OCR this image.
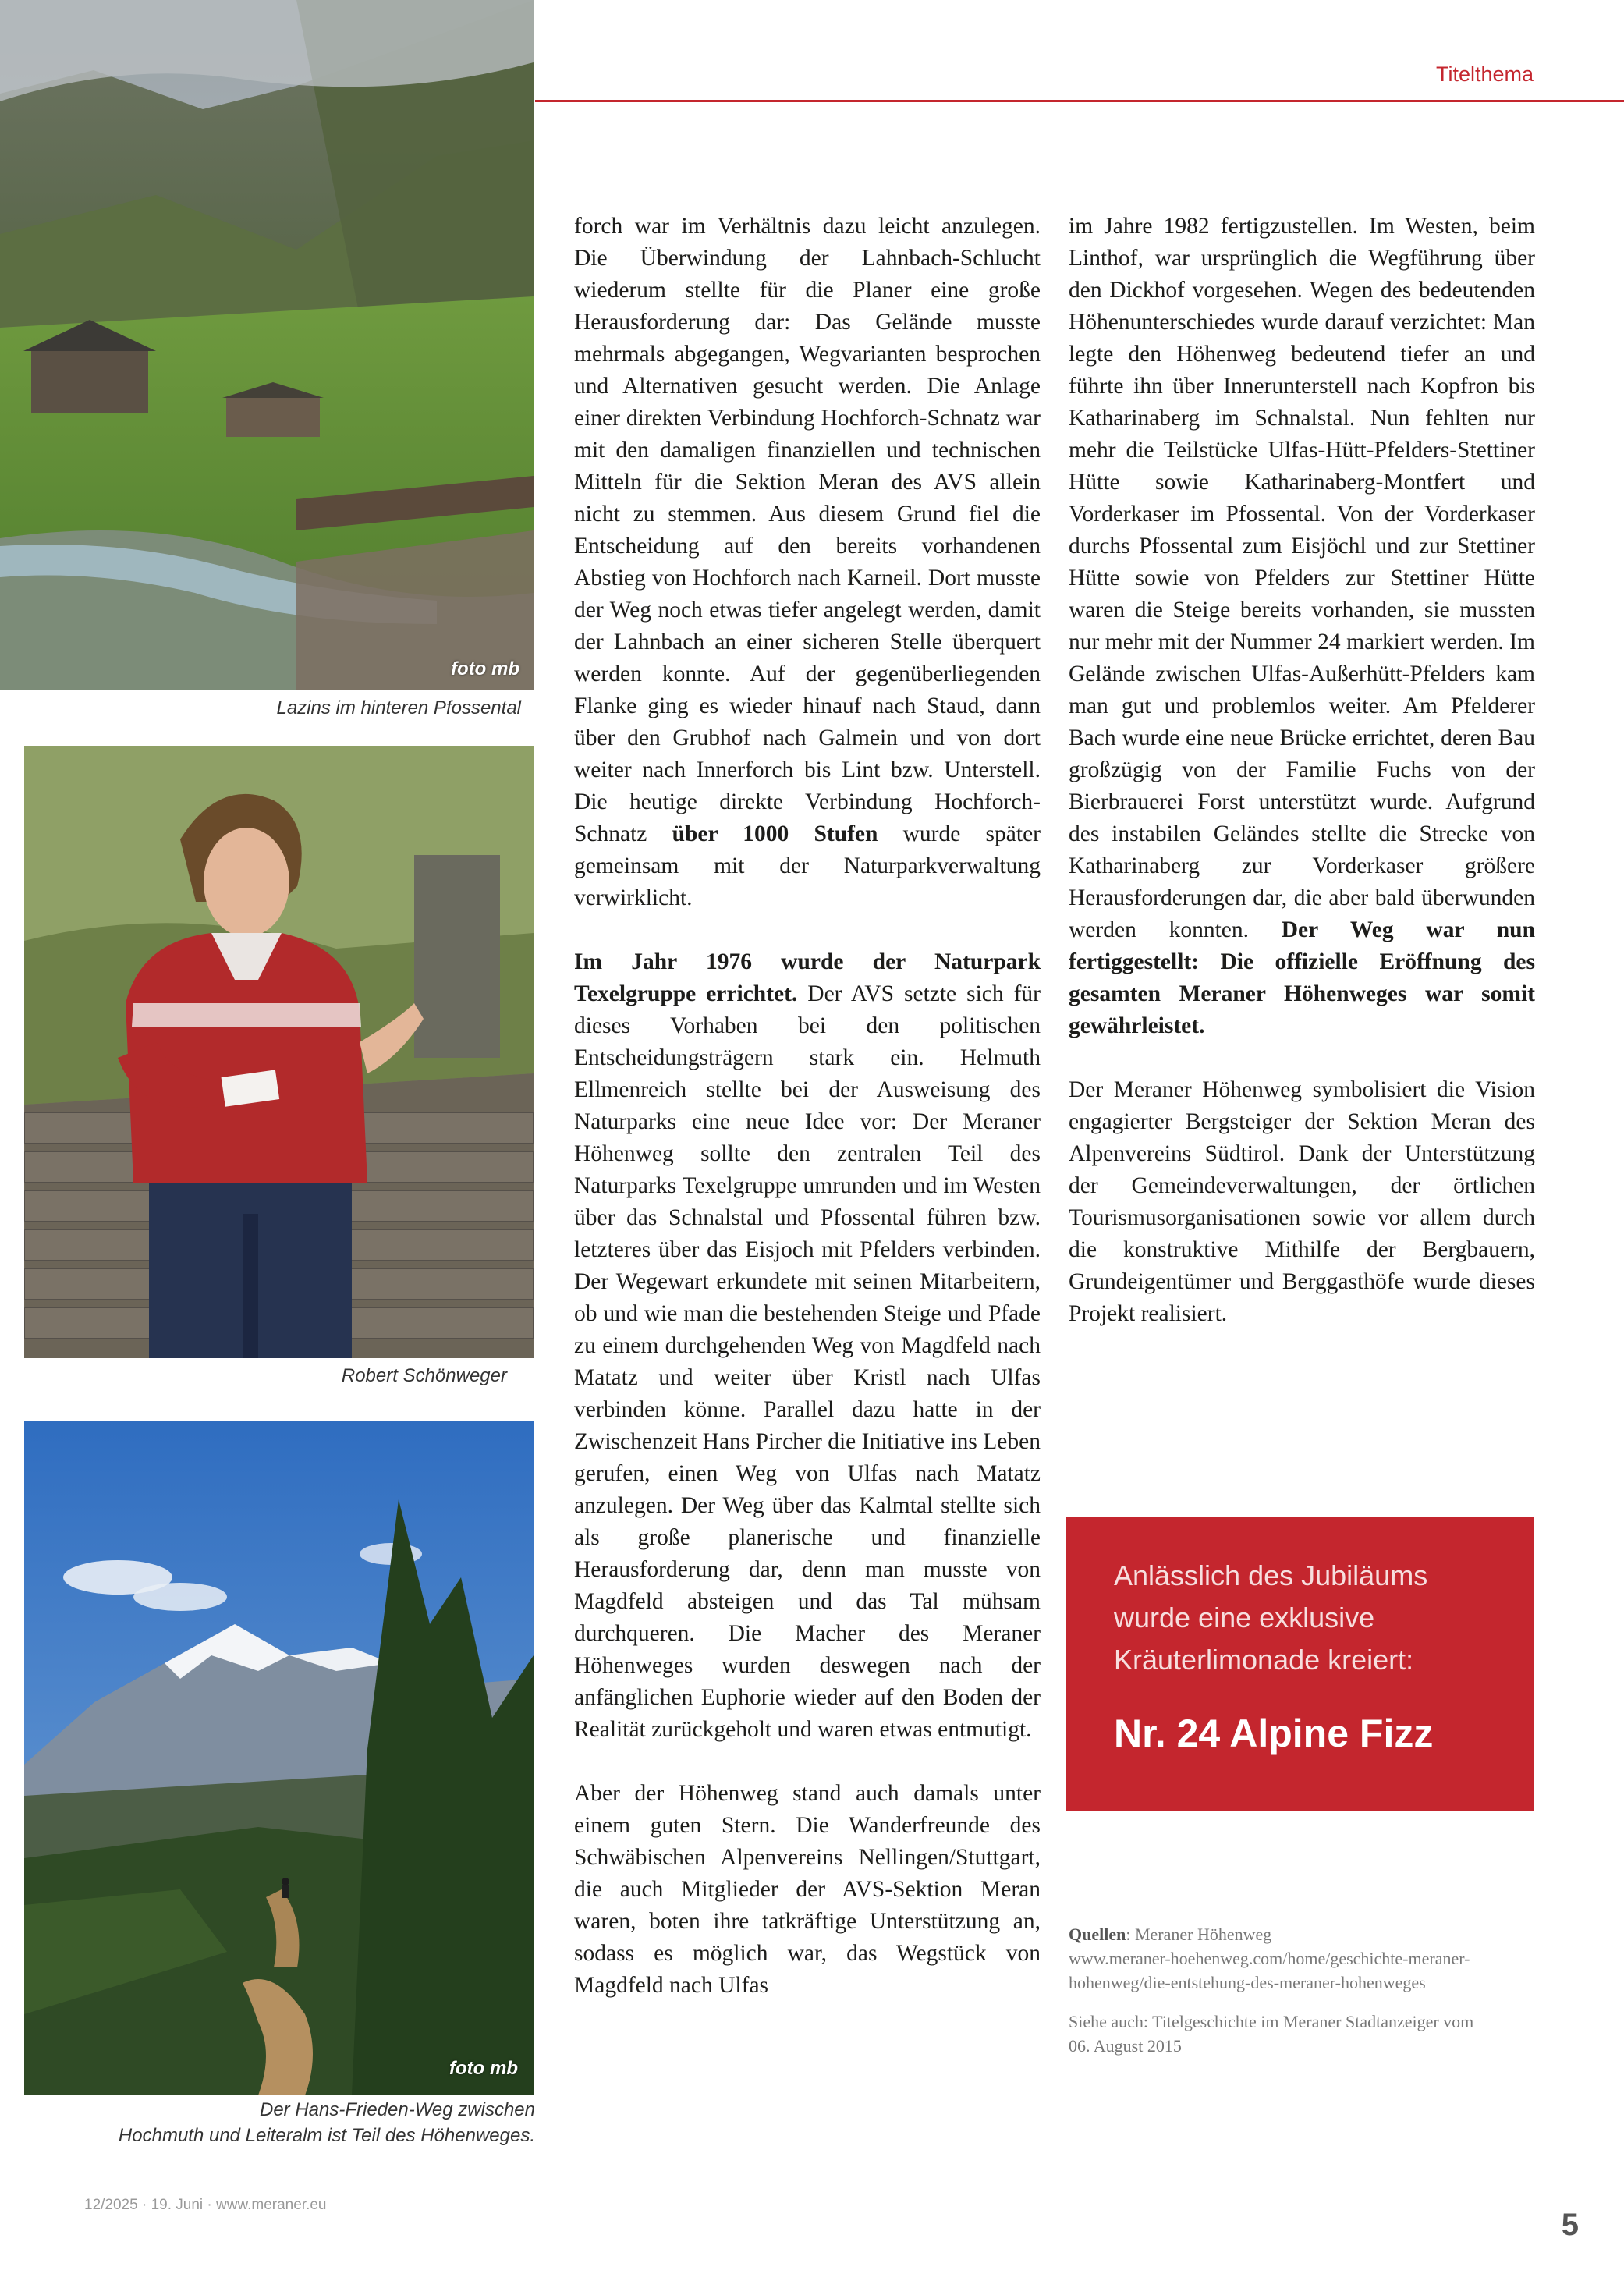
Titelthema
foto mb
Lazins im hinteren Pfossental
Robert Schönweger
foto mb
Der Hans-Frieden-Weg zwischen
Hochmuth und Leiteralm ist Teil des Höhenweges.

forch war im Verhältnis dazu leicht anzulegen. Die Überwindung der Lahnbach-Schlucht wiederum stellte für die Planer eine große Herausforderung dar: Das Gelände musste mehrmals abgegangen, Wegvarianten besprochen und Alternativen gesucht werden. Die Anlage einer direkten Verbindung Hochforch-Schnatz war mit den damaligen finanziellen und technischen Mitteln für die Sektion Meran des AVS allein nicht zu stemmen. Aus diesem Grund fiel die Entscheidung auf den bereits vorhandenen Abstieg von Hochforch nach Karneil. Dort musste der Weg noch etwas tiefer angelegt werden, damit der Lahnbach an einer sicheren Stelle überquert werden konnte. Auf der gegenüberliegenden Flanke ging es wieder hinauf nach Staud, dann über den Grubhof nach Galmein und von dort weiter nach Innerforch bis Lint bzw. Unterstell. Die heutige direkte Verbindung Hochforch-Schnatz über 1000 Stufen wurde später gemeinsam mit der Naturparkverwaltung verwirklicht.

Im Jahr 1976 wurde der Naturpark Texelgruppe errichtet. Der AVS setzte sich für dieses Vorhaben bei den politischen Entscheidungsträgern stark ein. Helmuth Ellmenreich stellte bei der Ausweisung des Naturparks eine neue Idee vor: Der Meraner Höhenweg sollte den zentralen Teil des Naturparks Texelgruppe umrunden und im Westen über das Schnalstal und Pfossental führen bzw. letzteres über das Eisjoch mit Pfelders verbinden. Der Wegewart erkundete mit seinen Mitarbeitern, ob und wie man die bestehenden Steige und Pfade zu einem durchgehenden Weg von Magdfeld nach Matatz und weiter über Kristl nach Ulfas verbinden könne. Parallel dazu hatte in der Zwischenzeit Hans Pircher die Initiative ins Leben gerufen, einen Weg von Ulfas nach Matatz anzulegen. Der Weg über das Kalmtal stellte sich als große planerische und finanzielle Herausforderung dar, denn man musste von Magdfeld absteigen und das Tal mühsam durchqueren. Die Macher des Meraner Höhenweges wurden deswegen nach der anfänglichen Euphorie wieder auf den Boden der Realität zurückgeholt und waren etwas entmutigt.

Aber der Höhenweg stand auch damals unter einem guten Stern. Die Wanderfreunde des Schwäbischen Alpenvereins Nellingen/Stuttgart, die auch Mitglieder der AVS-Sektion Meran waren, boten ihre tatkräftige Unterstützung an, sodass es möglich war, das Wegstück von Magdfeld nach Ulfas

im Jahre 1982 fertigzustellen. Im Westen, beim Linthof, war ursprünglich die Wegführung über den Dickhof vorgesehen. Wegen des bedeutenden Höhenunterschiedes wurde darauf verzichtet: Man legte den Höhenweg bedeutend tiefer an und führte ihn über Innerunterstell nach Kopfron bis Katharinaberg im Schnalstal. Nun fehlten nur mehr die Teilstücke Ulfas-Hütt-Pfelders-Stettiner Hütte sowie Katharinaberg-Montfert und Vorderkaser im Pfossental. Von der Vorderkaser durchs Pfossental zum Eisjöchl und zur Stettiner Hütte sowie von Pfelders zur Stettiner Hütte waren die Steige bereits vorhanden, sie mussten nur mehr mit der Nummer 24 markiert werden. Im Gelände zwischen Ulfas-Außerhütt-Pfelders kam man gut und problemlos weiter. Am Pfelderer Bach wurde eine neue Brücke errichtet, deren Bau großzügig von der Familie Fuchs von der Bierbrauerei Forst unterstützt wurde. Aufgrund des instabilen Geländes stellte die Strecke von Katharinaberg zur Vorderkaser größere Herausforderungen dar, die aber bald überwunden werden konnten. Der Weg war nun fertiggestellt: Die offizielle Eröffnung des gesamten Meraner Höhenweges war somit gewährleistet.

Der Meraner Höhenweg symbolisiert die Vision engagierter Bergsteiger der Sektion Meran des Alpenvereins Südtirol. Dank der Unterstützung der Gemeindeverwaltungen, der örtlichen Tourismusorganisationen sowie vor allem durch die konstruktive Mithilfe der Bergbauern, Grundeigentümer und Berggasthöfe wurde dieses Projekt realisiert.

Anlässlich des Jubiläums
wurde eine exklusive
Kräuterlimonade kreiert:
Nr. 24 Alpine Fizz
Quellen: Meraner Höhenweg
www.meraner-hoehenweg.com/home/geschichte-meraner-
hohenweg/die-entstehung-des-meraner-hohenweges
Siehe auch: Titelgeschichte im Meraner Stadtanzeiger vom
06. August 2015
12/2025 · 19. Juni · www.meraner.eu
5
